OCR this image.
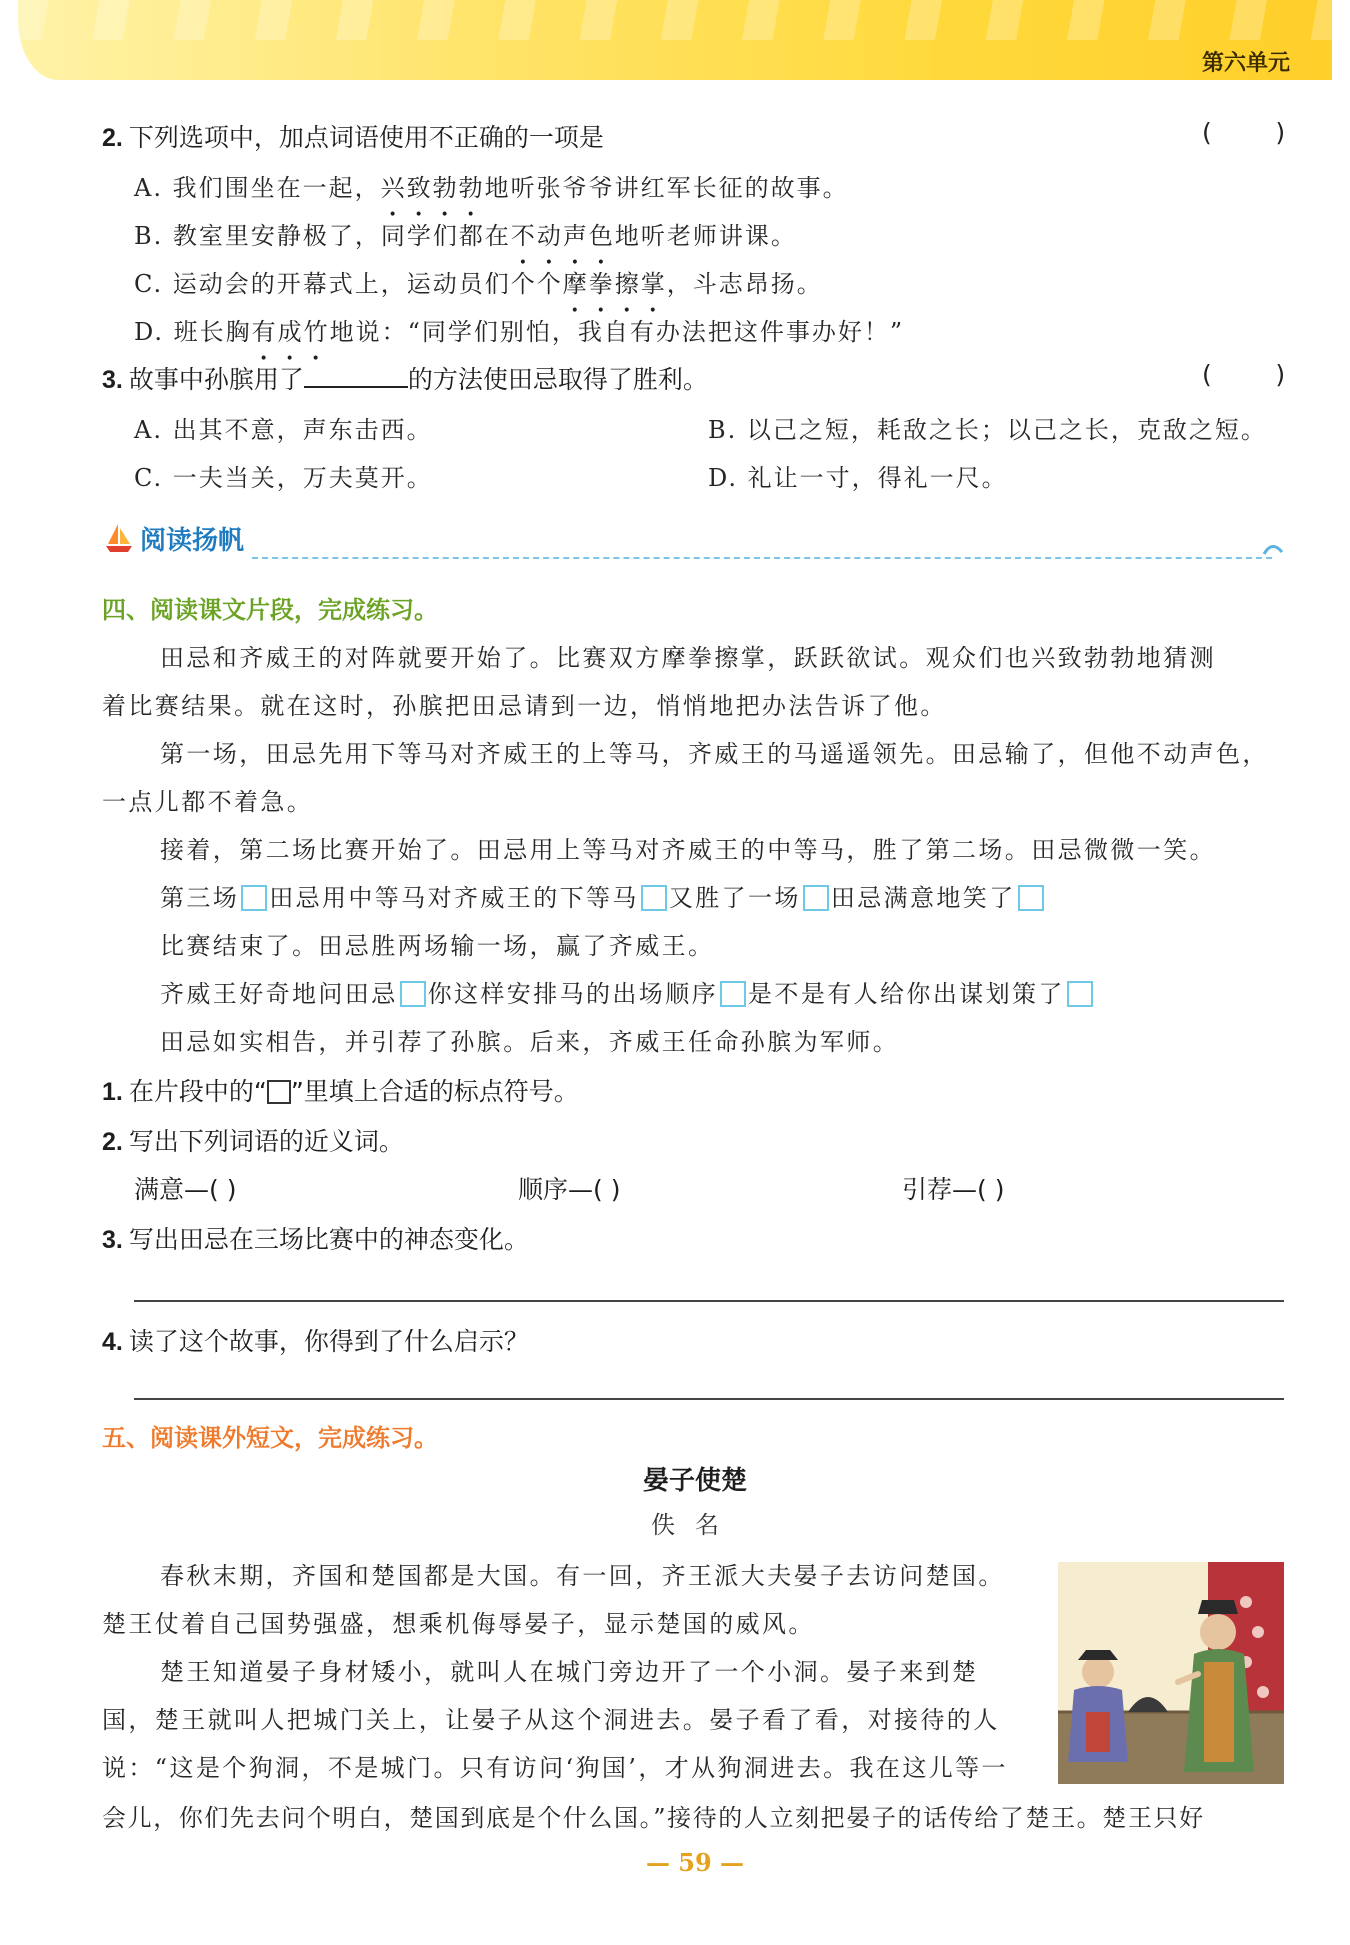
第六单元
2. 下列选项中，加点词语使用不正确的一项是	(        )
A. 我们围坐在一起，兴致勃勃地听张爷爷讲红军长征的故事。
B. 教室里安静极了，同学们都在不动声色地听老师讲课。
C. 运动会的开幕式上，运动员们个个摩拳擦掌，斗志昂扬。
D. 班长胸有成竹地说：“同学们别怕，我自有办法把这件事办好！”
3. 故事中孙膑用了	的方法使田忌取得了胜利。	(        )
A. 出其不意，声东击西。	B. 以己之短，耗敌之长；以己之长，克敌之短。
C. 一夫当关，万夫莫开。	D. 礼让一寸，得礼一尺。
阅读扬帆
四、阅读课文片段，完成练习。
田忌和齐威王的对阵就要开始了。比赛双方摩拳擦掌，跃跃欲试。观众们也兴致勃勃地猜测
着比赛结果。就在这时，孙膑把田忌请到一边，悄悄地把办法告诉了他。
第一场，田忌先用下等马对齐威王的上等马，齐威王的马遥遥领先。田忌输了，但他不动声色，
一点儿都不着急。
接着，第二场比赛开始了。田忌用上等马对齐威王的中等马，胜了第二场。田忌微微一笑。
第三场 田忌用中等马对齐威王的下等马 又胜了一场 田忌满意地笑了
比赛结束了。田忌胜两场输一场，赢了齐威王。
齐威王好奇地问田忌 你这样安排马的出场顺序 是不是有人给你出谋划策了
田忌如实相告，并引荐了孙膑。后来，齐威王任命孙膑为军师。
1. 在片段中的“ ”里填上合适的标点符号。
2. 写出下列词语的近义词。
满意—( )	顺序—( )	引荐—( )
3. 写出田忌在三场比赛中的神态变化。
4. 读了这个故事，你得到了什么启示？
五、阅读课外短文，完成练习。
晏子使楚
佚名
春秋末期，齐国和楚国都是大国。有一回，齐王派大夫晏子去访问楚国。
楚王仗着自己国势强盛，想乘机侮辱晏子，显示楚国的威风。
楚王知道晏子身材矮小，就叫人在城门旁边开了一个小洞。晏子来到楚
国，楚王就叫人把城门关上，让晏子从这个洞进去。晏子看了看，对接待的人
说：“这是个狗洞，不是城门。只有访问‘狗国’，才从狗洞进去。我在这儿等一
会儿，你们先去问个明白，楚国到底是个什么国。”接待的人立刻把晏子的话传给了楚王。楚王只好
— 59 —
